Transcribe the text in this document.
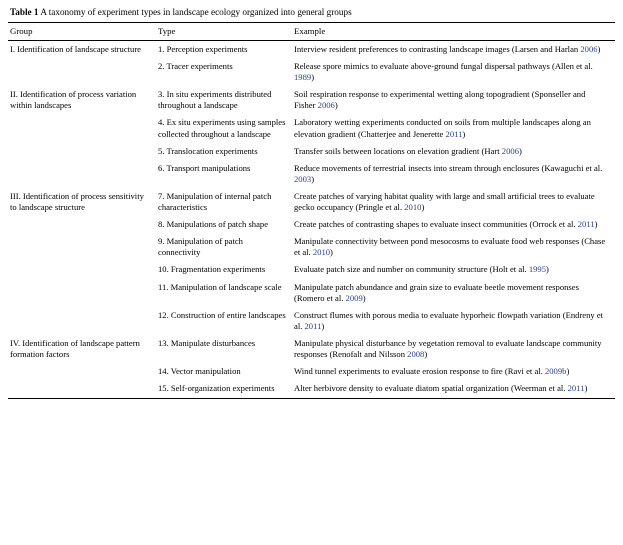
Table 1 A taxonomy of experiment types in landscape ecology organized into general groups
Group	Type	Example
I. Identification of landscape structure	1. Perception experiments	Interview resident preferences to contrasting landscape images (Larsen and Harlan 2006)
	2. Tracer experiments	Release spore mimics to evaluate above-ground fungal dispersal pathways (Allen et al. 1989)
II. Identification of process variation within landscapes	3. In situ experiments distributed throughout a landscape	Soil respiration response to experimental wetting along topogradient (Sponseller and Fisher 2006)
	4. Ex situ experiments using samples collected throughout a landscape	Laboratory wetting experiments conducted on soils from multiple landscapes along an elevation gradient (Chatterjee and Jenerette 2011)
	5. Translocation experiments	Transfer soils between locations on elevation gradient (Hart 2006)
	6. Transport manipulations	Reduce movements of terrestrial insects into stream through enclosures (Kawaguchi et al. 2003)
III. Identification of process sensitivity to landscape structure	7. Manipulation of internal patch characteristics	Create patches of varying habitat quality with large and small artificial trees to evaluate gecko occupancy (Pringle et al. 2010)
	8. Manipulations of patch shape	Create patches of contrasting shapes to evaluate insect communities (Orrock et al. 2011)
	9. Manipulation of patch connectivity	Manipulate connectivity between pond mesocosms to evaluate food web responses (Chase et al. 2010)
	10. Fragmentation experiments	Evaluate patch size and number on community structure (Holt et al. 1995)
	11. Manipulation of landscape scale	Manipulate patch abundance and grain size to evaluate beetle movement responses (Romero et al. 2009)
	12. Construction of entire landscapes	Construct flumes with porous media to evaluate hyporheic flowpath variation (Endreny et al. 2011)
IV. Identification of landscape pattern formation factors	13. Manipulate disturbances	Manipulate physical disturbance by vegetation removal to evaluate landscape community responses (Renofalt and Nilsson 2008)
	14. Vector manipulation	Wind tunnel experiments to evaluate erosion response to fire (Ravi et al. 2009b)
	15. Self-organization experiments	Alter herbivore density to evaluate diatom spatial organization (Weerman et al. 2011)
